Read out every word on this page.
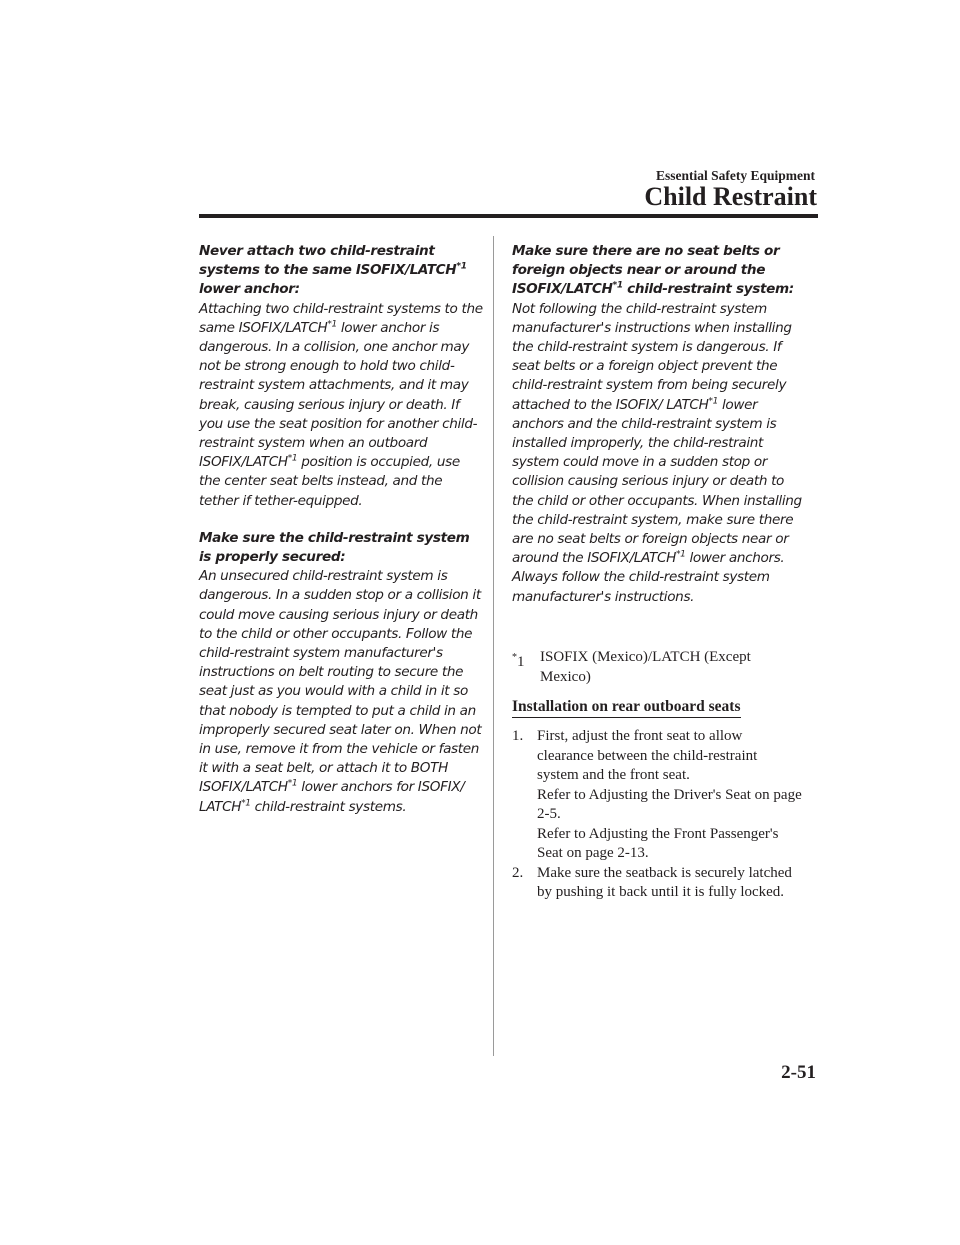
Essential Safety Equipment
Child Restraint
Never attach two child-restraint systems to the same ISOFIX/LATCH$^{*1}$ lower anchor:
Attaching two child-restraint systems to the same ISOFIX/LATCH$^{*1}$ lower anchor is dangerous. In a collision, one anchor may not be strong enough to hold two child-restraint system attachments, and it may break, causing serious injury or death. If you use the seat position for another child-restraint system when an outboard ISOFIX/LATCH$^{*1}$ position is occupied, use the center seat belts instead, and the tether if tether-equipped.
Make sure the child-restraint system is properly secured:
An unsecured child-restraint system is dangerous. In a sudden stop or a collision it could move causing serious injury or death to the child or other occupants. Follow the child-restraint system manufacturer's instructions on belt routing to secure the seat just as you would with a child in it so that nobody is tempted to put a child in an improperly secured seat later on. When not in use, remove it from the vehicle or fasten it with a seat belt, or attach it to BOTH ISOFIX/LATCH$^{*1}$ lower anchors for ISOFIX/ LATCH$^{*1}$ child-restraint systems.
Make sure there are no seat belts or foreign objects near or around the ISOFIX/LATCH$^{*1}$ child-restraint system:
Not following the child-restraint system manufacturer's instructions when installing the child-restraint system is dangerous. If seat belts or a foreign object prevent the child-restraint system from being securely attached to the ISOFIX/ LATCH$^{*1}$ lower anchors and the child-restraint system is installed improperly, the child-restraint system could move in a sudden stop or collision causing serious injury or death to the child or other occupants. When installing the child-restraint system, make sure there are no seat belts or foreign objects near or around the ISOFIX/LATCH$^{*1}$ lower anchors. Always follow the child-restraint system manufacturer's instructions.
*1 ISOFIX (Mexico)/LATCH (Except Mexico)
Installation on rear outboard seats
1. First, adjust the front seat to allow clearance between the child-restraint system and the front seat.
Refer to Adjusting the Driver's Seat on page 2-5.
Refer to Adjusting the Front Passenger's Seat on page 2-13.
2. Make sure the seatback is securely latched by pushing it back until it is fully locked.
2-51
